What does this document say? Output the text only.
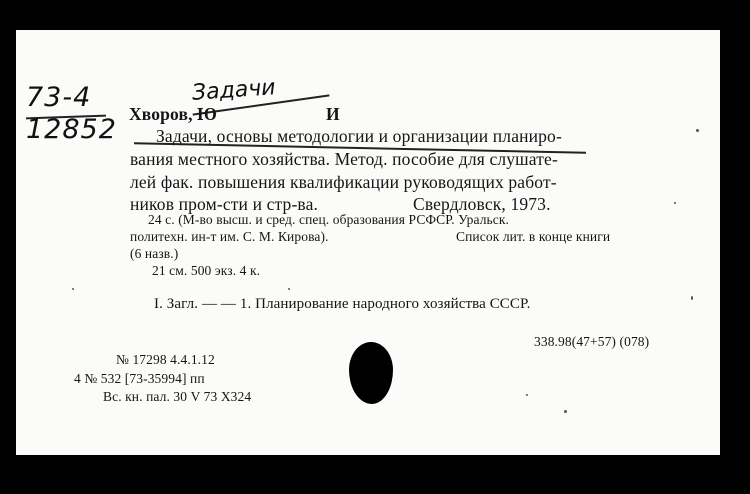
73-4
12852
Задачи
Хворов, Ю	И
Задачи, основы методологии и организации планиро-
вания местного хозяйства. Метод. пособие для слушате-
лей фак. повышения квалификации руководящих работ-
ников пром-сти и стр-ва.	Свердловск, 1973.
24 с. (М-во высш. и сред. спец. образования РСФСР. Уральск.
политехн. ин-т им. С. М. Кирова).	Список лит. в конце книги
(6 назв.)
21 см. 500 экз. 4 к.
I. Загл. — — 1. Планирование народного хозяйства СССР.
338.98(47+57) (078)
№ 17298 4.4.1.12
4 № 532 [73-35994] пп
Вс. кн. пал. 30 V 73 Х324
